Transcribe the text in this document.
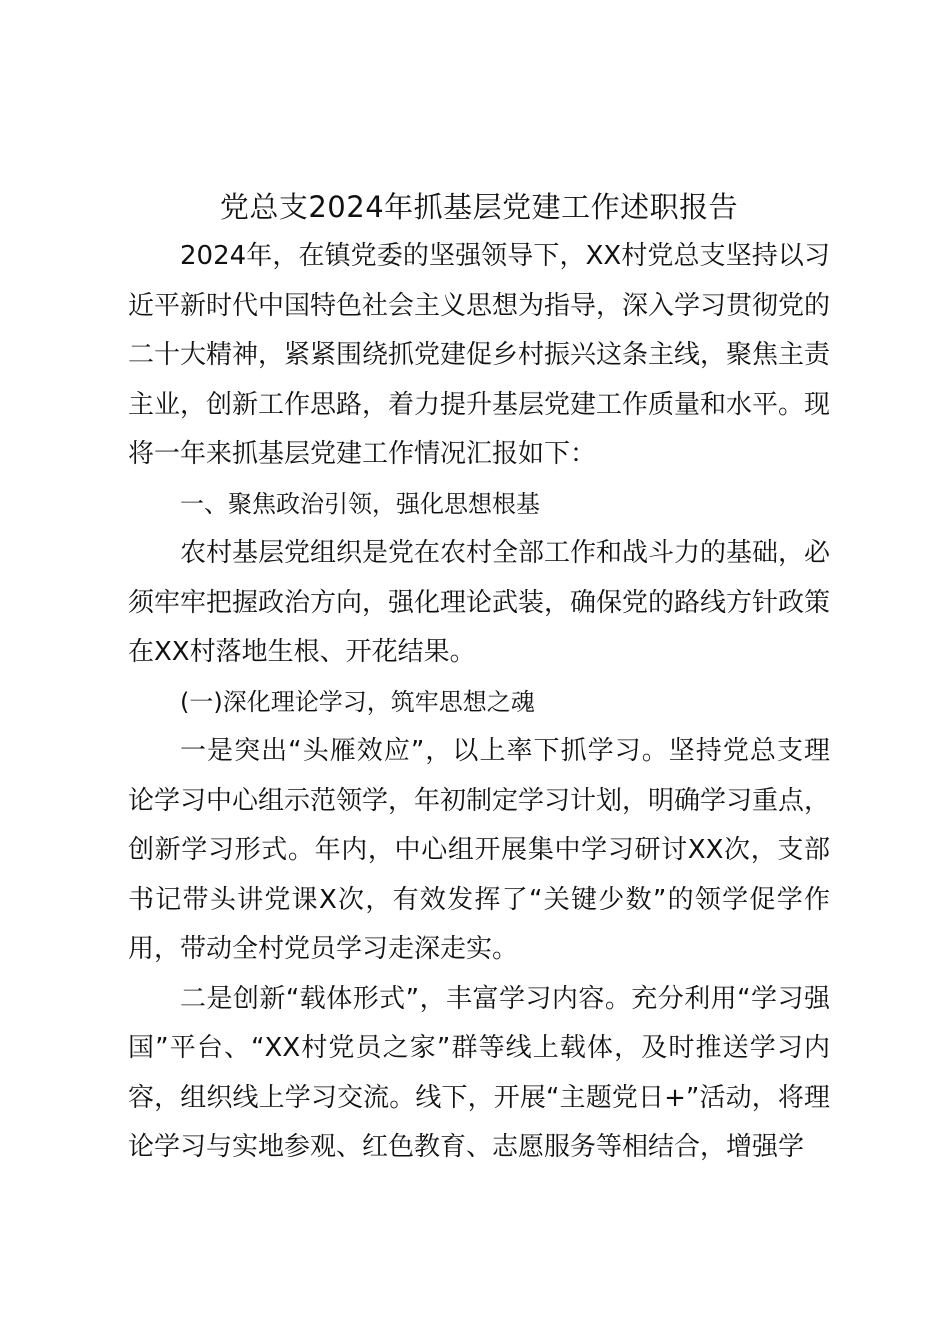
党总支2024年抓基层党建工作述职报告

2024年，在镇党委的坚强领导下，XX村党总支坚持以习近平新时代中国特色社会主义思想为指导，深入学习贯彻党的二十大精神，紧紧围绕抓党建促乡村振兴这条主线，聚焦主责主业，创新工作思路，着力提升基层党建工作质量和水平。现将一年来抓基层党建工作情况汇报如下：

一、聚焦政治引领，强化思想根基

农村基层党组织是党在农村全部工作和战斗力的基础，必须牢牢把握政治方向，强化理论武装，确保党的路线方针政策在XX村落地生根、开花结果。

(一)深化理论学习，筑牢思想之魂

一是突出“头雁效应”，以上率下抓学习。坚持党总支理论学习中心组示范领学，年初制定学习计划，明确学习重点，创新学习形式。年内，中心组开展集中学习研讨XX次，支部书记带头讲党课X次，有效发挥了“关键少数”的领学促学作用，带动全村党员学习走深走实。

二是创新“载体形式”，丰富学习内容。充分利用“学习强国”平台、“XX村党员之家”群等线上载体，及时推送学习内容，组织线上学习交流。线下，开展“主题党日+”活动，将理论学习与实地参观、红色教育、志愿服务等相结合，增强学
